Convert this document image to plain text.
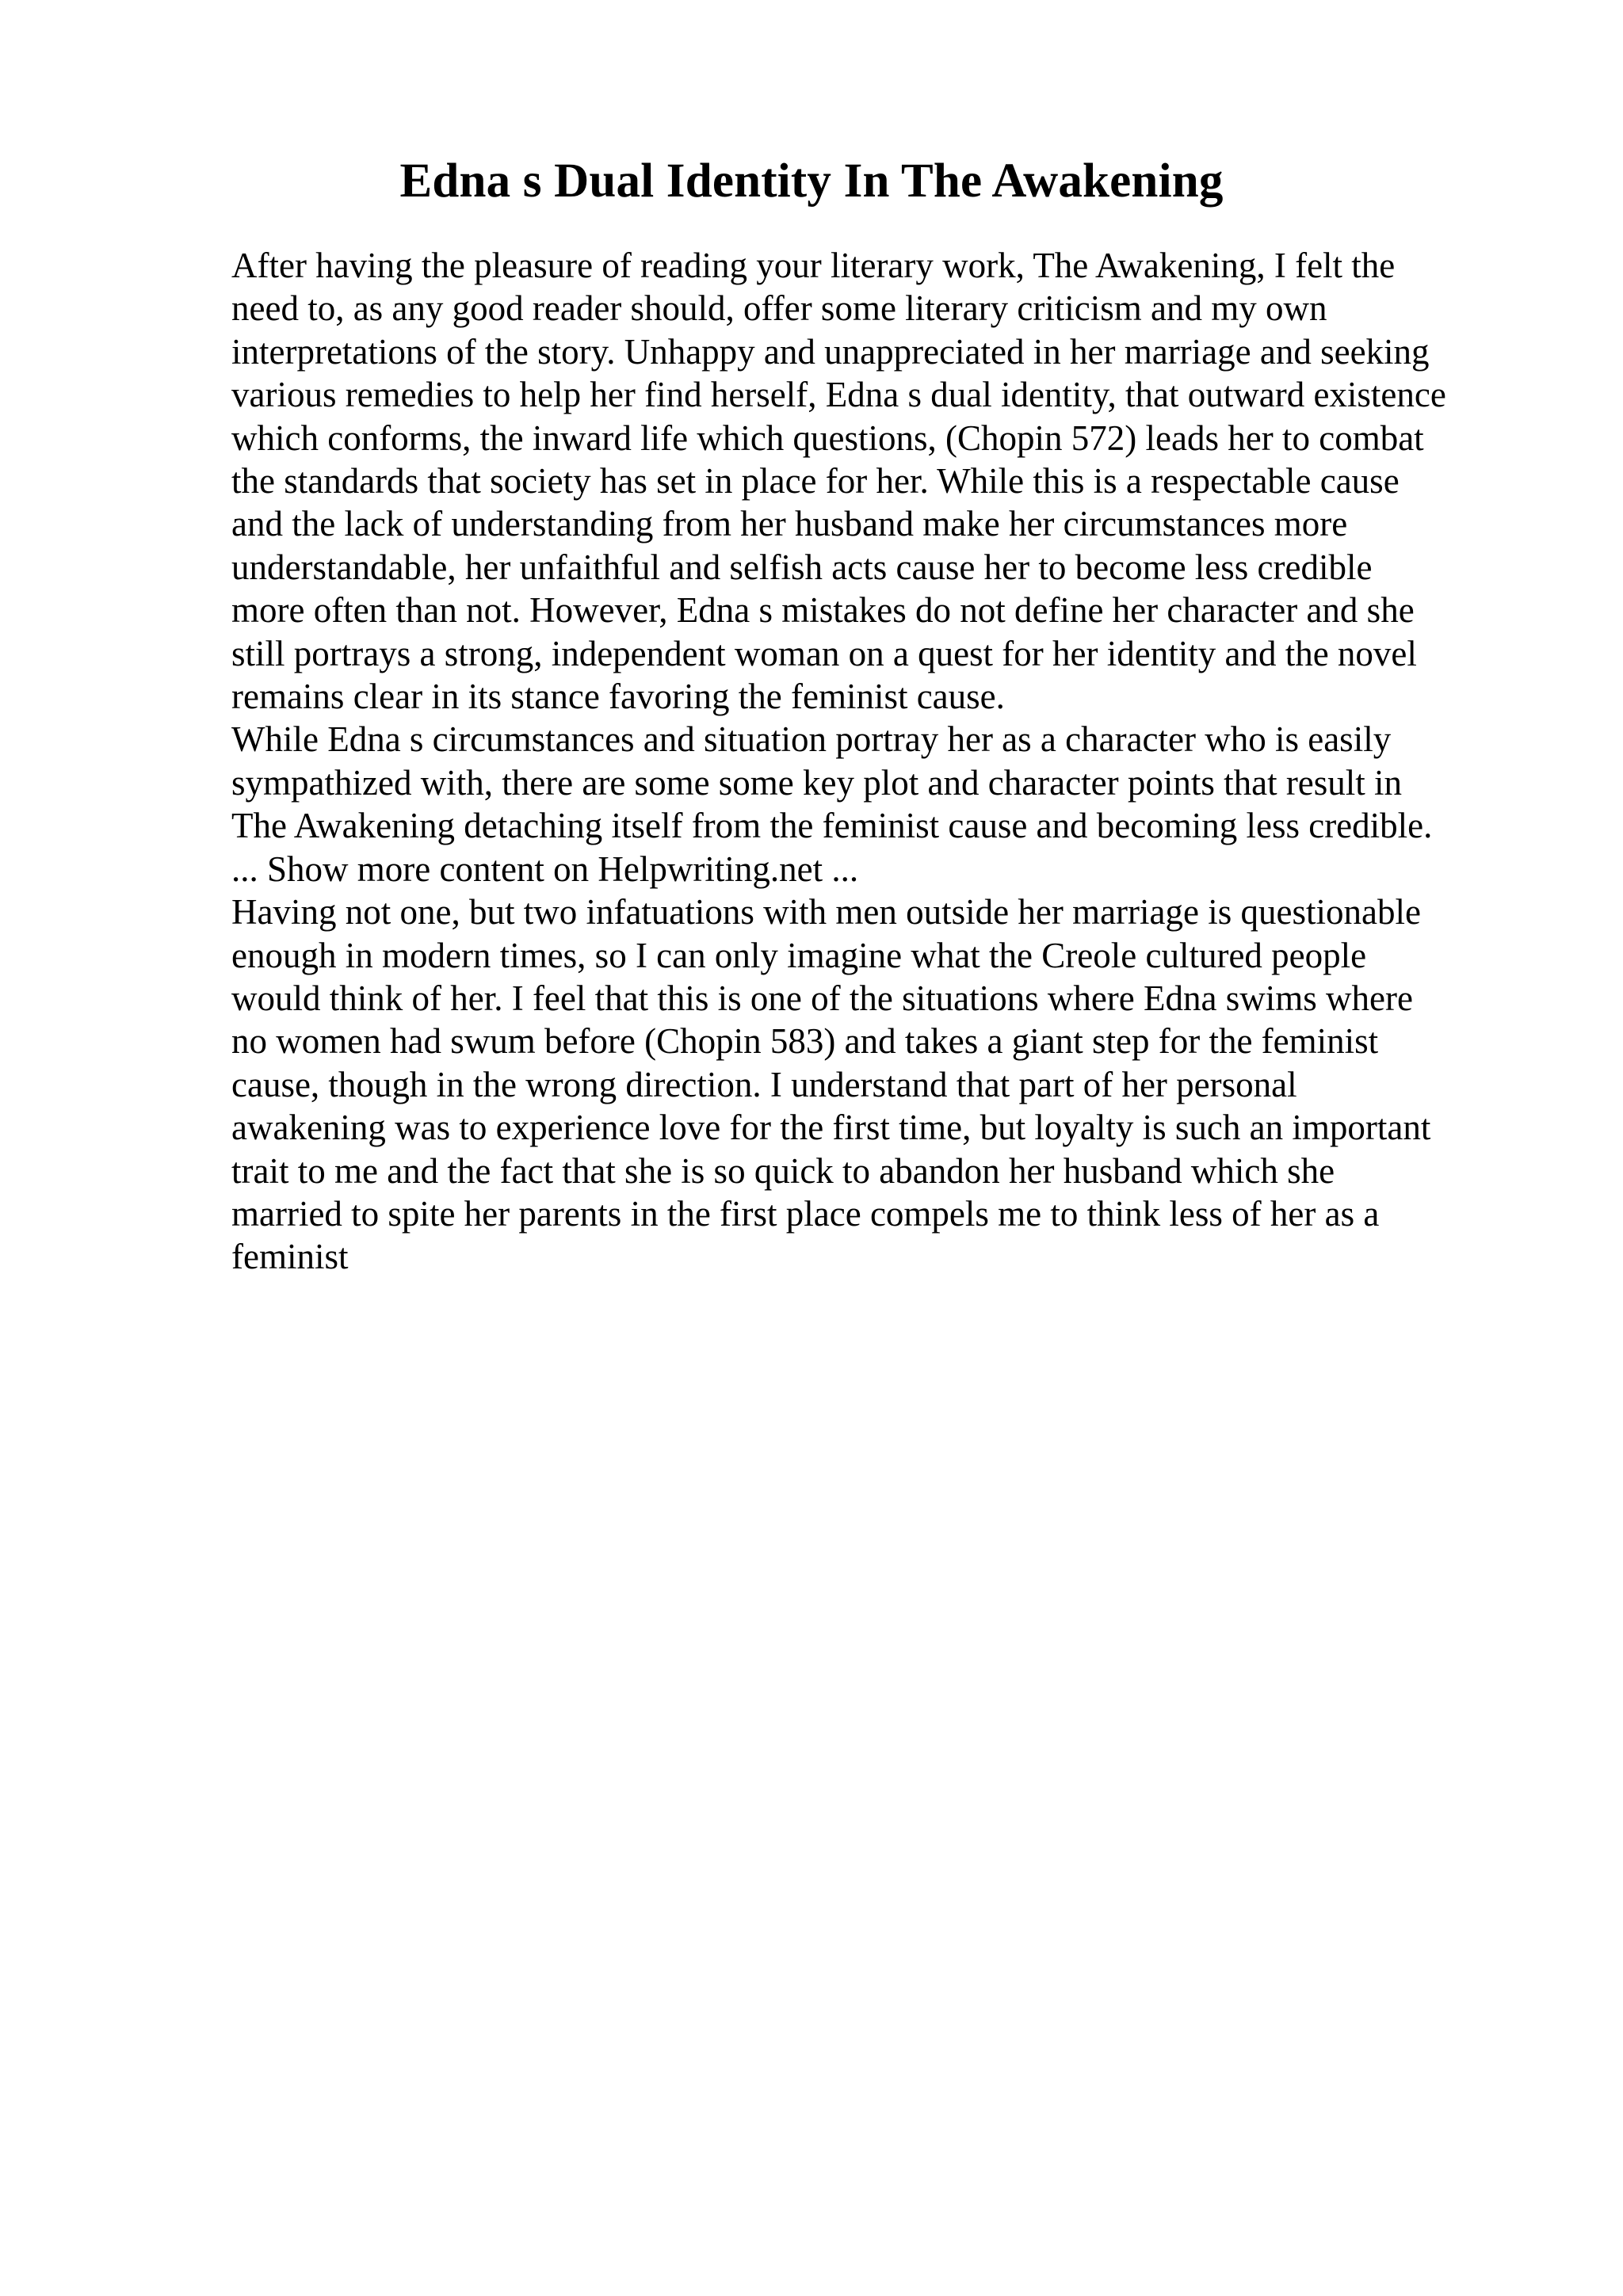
Edna s Dual Identity In The Awakening
After having the pleasure of reading your literary work, The Awakening, I felt the
need to, as any good reader should, offer some literary criticism and my own
interpretations of the story. Unhappy and unappreciated in her marriage and seeking
various remedies to help her find herself, Edna s dual identity, that outward existence
which conforms, the inward life which questions, (Chopin 572) leads her to combat
the standards that society has set in place for her. While this is a respectable cause
and the lack of understanding from her husband make her circumstances more
understandable, her unfaithful and selfish acts cause her to become less credible
more often than not. However, Edna s mistakes do not define her character and she
still portrays a strong, independent woman on a quest for her identity and the novel
remains clear in its stance favoring the feminist cause.
While Edna s circumstances and situation portray her as a character who is easily
sympathized with, there are some some key plot and character points that result in
The Awakening detaching itself from the feminist cause and becoming less credible.
... Show more content on Helpwriting.net ...
Having not one, but two infatuations with men outside her marriage is questionable
enough in modern times, so I can only imagine what the Creole cultured people
would think of her. I feel that this is one of the situations where Edna swims where
no women had swum before (Chopin 583) and takes a giant step for the feminist
cause, though in the wrong direction. I understand that part of her personal
awakening was to experience love for the first time, but loyalty is such an important
trait to me and the fact that she is so quick to abandon her husband which she
married to spite her parents in the first place compels me to think less of her as a
feminist
